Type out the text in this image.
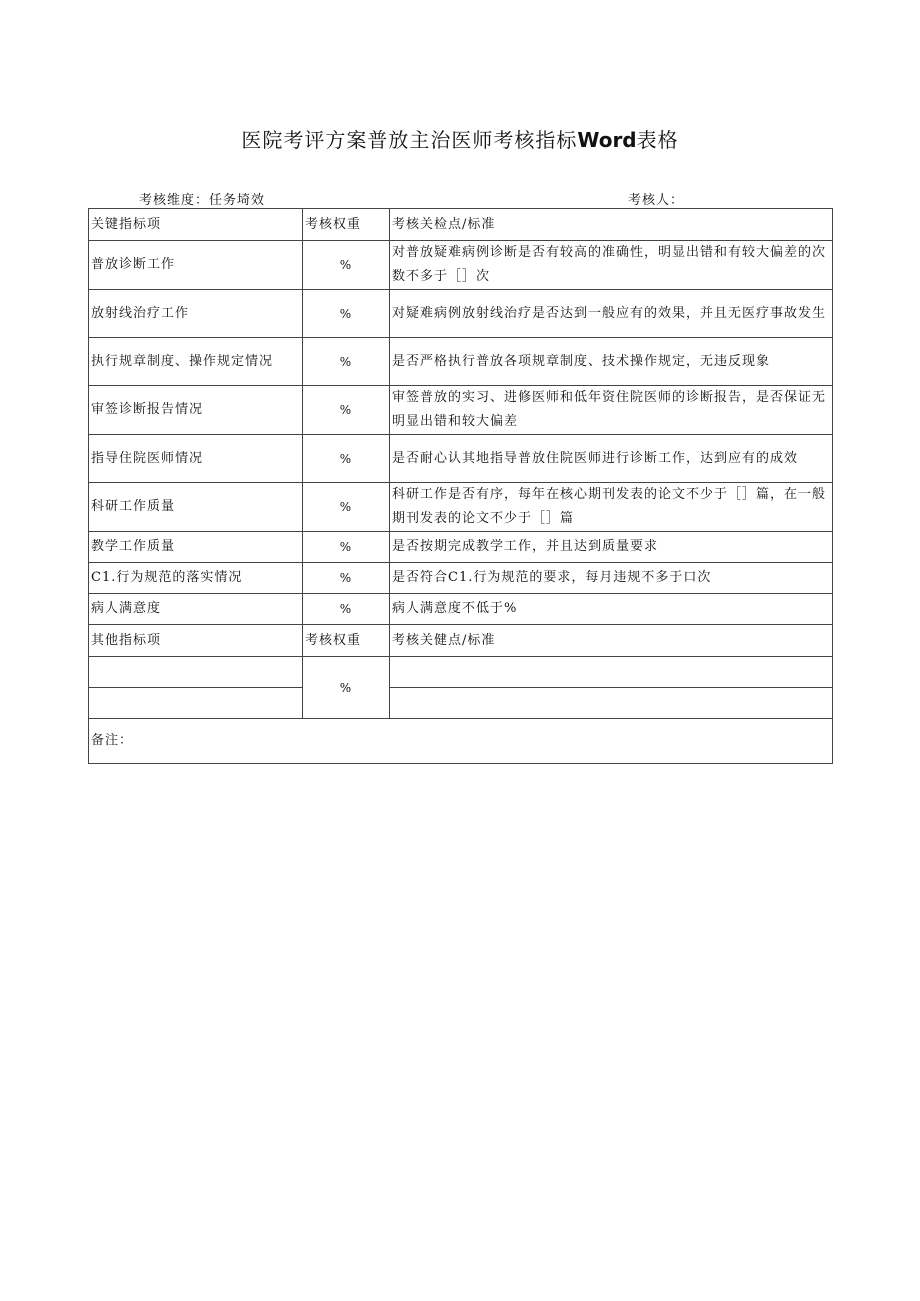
医院考评方案普放主治医师考核指标Word表格
考核维度：任务埼效	考核人：
关键指标项	考核权重	考核关检点/标准
普放诊断工作	%	对普放疑难病例诊断是否有较高的准确性，明显出错和有较大偏差的次数不多于［］次
放射线治疗工作	%	对疑难病例放射线治疗是否达到一般应有的效果，并且无医疗事故发生
执行规章制度、操作规定情况	%	是否严格执行普放各项规章制度、技术操作规定，无违反现象
审签诊断报告情况	%	审签普放的实习、进修医师和低年资住院医师的诊断报告，是否保证无明显出错和较大偏差
指导住院医师情况	%	是否耐心认其地指导普放住院医师进行诊断工作，达到应有的成效
科研工作质量	%	科研工作是否有序，每年在核心期刊发表的论文不少于［］篇，在一般期刊发表的论文不少于［］篇
教学工作质量	%	是否按期完成教学工作，并且达到质量要求
C1.行为规范的落实情况	%	是否符合C1.行为规范的要求，每月违规不多于口次
病人满意度	%	病人满意度不低于%
其他指标项	考核权重	考核关健点/标准
	%	

备注：		
